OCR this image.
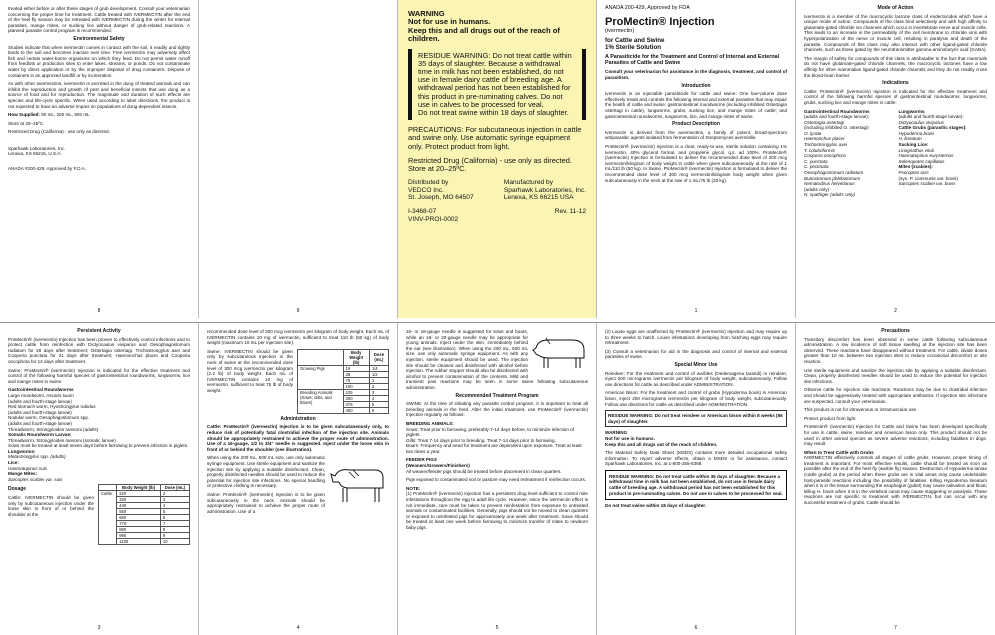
treated either before or after these stages of grub development. Consult your veterinarian concerning the proper time for treatment. Cattle treated with IVERMECTIN after the end of the heel fly season may be retreated with IVERMECTIN during the winter for internal parasites, mange mites, or sucking lice without danger of grub-related reactions. A planned parasite control program is recommended.

Environmental Safety

Studies indicate that when ivermectin comes in contact with the soil, it readily and tightly binds to the soil and becomes inactive over time. Free ivermectin may adversely affect fish and certain water-borne organisms on which they feed. Do not permit water runoff from feedlots or production sites to enter lakes, streams, or ponds. Do not contaminate water by direct application or by the improper disposal of drug containers. Dispose of containers in an approved landfill or by incineration.

As with other avermectins, ivermectin is excreted in the dung of treated animals and can inhibit the reproduction and growth of pest and beneficial insects that use dung as a source of food and for reproduction. The magnitude and duration of such effects are species and life-cycle specific. When used according to label directions, the product is not expected to have an adverse impact on populations of dung-dependent insects.

How Supplied: 50 mL, 200 mL, 500 mL

Store at 20–25ºC.

Restricted Drug (California) - use only as directed.

Sparhawk Laboratories, Inc.

Lenexa, KS 66215, U.S.A.

ANADA #200-429, Approved by F.D.A.

8	9
WARNING
Not for use in humans.
Keep this and all drugs out of the reach of children.
RESIDUE WARNING: Do not treat cattle within 35 days of slaughter. Because a withdrawal time in milk has not been established, do not use in female dairy cattle of breeding age. A withdrawal period has not been established for this product in pre-ruminating calves. Do not use in calves to be processed for veal.
Do not treat swine within 18 days of slaughter.
PRECAUTIONS: For subcutaneous injection in cattle and swine only. Use automatic syringe equipment only. Protect product from light.
Restricted Drug (California) - use only as directed.
Store at 20–25ºC.
Distributed by
VEDCO Inc.
St. Joseph, MO 64507
Manufactured by
Sparhawk Laboratories, Inc.
Lenexa, KS 66215 USA
I-3468-07
VINV-PROI-0002
Rev. 11-12

ANADA 200-429, Approved by FDA

ProMectin® Injection
(ivermectin)
for Cattle and Swine
1% Sterile Solution
A Parasiticide for the Treatment and Control of Internal and External Parasites of Cattle and Swine

Consult your veterinarian for assistance in the diagnosis, treatment, and control of parasitism.

Introduction

Ivermectin is an injectable parasiticide for cattle and swine. One low-volume dose effectively treats and controls the following internal and external parasites that may impair the health of cattle and swine: gastrointestinal roundworms (including inhibited Ostertagia ostertagi in cattle), lungworms, grubs, sucking lice, and mange mites of cattle; and gastrointestinal roundworms, lungworms, lice, and mange mites of swine.

Product Description

Ivermectin is derived from the avermectins, a family of potent, broad-spectrum antiparasitic agents isolated from fermentation of Streptomyces avermitilis.

ProMectin® (ivermectin) Injection is a clear, ready-to-use, sterile solution containing 1% ivermectin, 40% glycerol formal, and propylene glycol, q.s. ad 100%. ProMectin® (ivermectin) Injection is formulated to deliver the recommended dose level of 200 mcg ivermectin/kilogram of body weight in cattle when given subcutaneously at the rate of 1 mL/110 lb (50 kg). In Swine, ProMectin® (ivermectin) Injection is formulated to deliver the recommended dose level of 300 mcg ivermectin/kilogram body weight when given subcutaneously in the neck at the rate of 1 mL/75 lb (33 kg).

1
Mode of Action

Ivermectin is a member of the macrocyclic lactone class of endectocides which have a unique mode of action. Compounds of the class bind selectively and with high affinity to glutamate-gated chloride ion channels which occur in invertebrate nerve and muscle cells. This leads to an increase in the permeability of the cell membrane to chloride ions with hyperpolarization of the nerve or muscle cell, resulting in paralysis and death of the parasite. Compounds of this class may also interact with other ligand-gated chloride channels, such as those gated by the neurotransmitter gamma-aminobutyric acid (GABA).

The margin of safety for compounds of this class is attributable to the fact that mammals do not have glutamate-gated chloride channels, the macrocyclic lactones have a low affinity for other mammalian ligand-gated chloride channels and they do not readily cross the blood-brain barrier.

Indications

Cattle: ProMectin® (ivermectin) Injection is indicated for the effective treatment and control of the following harmful species of gastrointestinal roundworms, lungworms, grubs, sucking lice and mange mites in cattle:

Gastrointestinal Roundworms
(adults and fourth-stage larvae):
Ostertagia ostertagi
(including inhibited O. ostertagi)
O. lyrata
Haemonchus placei
Trichostrongylus axei
T. colubriformis
Cooperia oncophora
C. punctata
C. pectinata
Oesophagostomum radiatum
Bunostomum phlebotomum
Nematodirus helvetianus
(adults only)
N. spathiger (adults only)
Lungworms
(adults and fourth-stage larvae):
Dictyocaulus viviparus
Cattle Grubs (parasitic stages):
Hypoderma bovis
H. lineatum
Sucking Lice:
Linognathus vituli
Haematopinus eurysternus
Solenopotes capillatus
Mites (scabies):
Psoroptes ovis
(syn. P. communis var. bovis)
Sarcoptes scabiei var. bovis
2
Persistent Activity

ProMectin® (ivermectin) Injection has been proven to effectively control infections and to protect cattle from reinfection with Dictyocaulus viviparus and Oesophagostomum radiatum for 28 days after treatment; Ostertagia ostertagi, Trichostrongylus axei and Cooperia punctata for 21 days after treatment; Haemonchus placei and Cooperia oncophora for 14 days after treatment.

Swine: ProMectin® (ivermectin) Injection is indicated for the effective treatment and control of the following harmful species of gastrointestinal roundworms, lungworms, lice and mange mites in swine.

Gastrointestinal Roundworms
Large roundworm, Ascaris suum
(adults and fourth-stage larvae)
Red stomach worm, Hyostrongylus rubidus
(adults and fourth-stage larvae)
Nodular worm, Oesophagostomum spp.
(adults and fourth-stage larvae)
Threadworm, Strongyloides ransomi (adults)
Somatic Roundworm Larvae:
Threadworm, Strongyloides ransomi (somatic larvae)
Sows must be treated at least seven days before farrowing to prevent infection in piglets.
Lungworms:
Metastrongylus spp. (adults)
Lice:
Haematopinus suis
Mange Mites:
Sarcoptes scabiei var. suis
Dosage

Cattle: IVERMECTIN should be given only by subcutaneous injection under the loose skin in front of or behind the shoulder at the

	Body Weight (lb)	Dose (mL)
Cattle	220	2
	330	3
	440	4
	550	5
	660	6
	770	7
	880	8
	990	9
	1100	10
3

recommended dose level of 200 mcg ivermectin per kilogram of body weight. Each mL of IVERMECTIN contains 10 mg of ivermectin, sufficient to treat 110 lb (50 kg) of body weight (maximum 10 mL per injection site).

Swine: IVERMECTIN should be given only by subcutaneous injection in the neck of swine at the recommended dose level of 300 mcg ivermectin per kilogram (2.2 lb) of body weight. Each mL of IVERMECTIN contains 10 mg of ivermectin, sufficient to treat 75 lb of body weight.

	Body Weight (lb)	Dose (mL)
Growing Pigs	19	1/4
	38	1/2
	75	1
	150	2
Breeding Animals (Sows, Gilts, and Boars)	225	3
	300	4
	375	5
	450	6
Administration

Cattle: ProMectin® (ivermectin) Injection is to be given subcutaneously only, to reduce risk of potentially fatal clostridial infection of the injection site. Animals should be appropriately restrained to achieve the proper route of administration. Use of a 16-gauge, 1/2 to 3/4" needle is suggested. Inject under the loose skin in front of or behind the shoulder (see illustration).

When using the 200 mL, 500 mL size, use only automatic syringe equipment. Use sterile equipment and sanitize the injection site by applying a suitable disinfectant. Clean, properly disinfected needles should be used to reduce the potential for injection site infections. No special handling or protective clothing is necessary.

Swine: ProMectin® (ivermectin) Injection is to be given subcutaneously in the neck. Animals should be appropriately restrained to achieve the proper route of administration. Use of a

4

16- or 18-gauge needle is suggested for sows and boars, while an 18- or 20-gauge needle may be appropriate for young animals. Inject under the skin, immediately behind the ear (see illustration). When using the 200 mL, 500 mL size, use only automatic syringe equipment. As with any injection, sterile equipment should be used. The injection site should be cleaned and disinfected with alcohol before injection. The rubber stopper should also be disinfected with alcohol to prevent contamination of the contents. Mild and transient pain reactions may be seen in some swine following subcutaneous administration.

Recommended Treatment Program

SWINE: At the time of initiating any parasite control program, it is important to treat all breeding animals in the herd. After the initial treatment, use ProMectin® (ivermectin) Injection regularly as follows:

BREEDING ANIMALS:
Sows: Treat prior to farrowing, preferably 7-14 days before, to minimize infection of piglets.
Gilts: Treat 7-14 days prior to breeding. Treat 7-14 days prior to farrowing.
Boars: Frequency and need for treatment are dependent upon exposure. Treat at least two times a year.
FEEDER PIGS
(Weaners/Growers/Finishers)

All weaner/feeder pigs should be treated before placement in clean quarters.

Pigs exposed to contaminated soil or pasture may need retreatment if reinfection occurs.

NOTE:

(1) ProMectin® (ivermectin) Injection has a persistent drug level sufficient to control mite infestations throughout the egg to adult life cycle. However, since the ivermectin effect is not immediate, care must be taken to prevent reinfestation from exposure to untreated animals or contaminated facilities. Generally, pigs should not be moved to clean quarters or exposed to uninfested pigs for approximately one week after treatment. Sows should be treated at least one week before farrowing to minimize transfer of mites to newborn baby pigs.

5

(2) Louse eggs are unaffected by ProMectin® (ivermectin) Injection and may require up to three weeks to hatch. Louse infestations developing from hatching eggs may require retreatment.

(3) Consult a veterinarian for aid in the diagnosis and control of internal and external parasites of swine.

Special Minor Use

Reindeer: For the treatment and control of warbles (Oedemagena tarandi) in reindeer, inject 200 micrograms ivermectin per kilogram of body weight, subcutaneously. Follow use directions for cattle as described under ADMINISTRATION.

American Bison: For the treatment and control of grubs (Hypoderma bovis) in American bison, inject 200 micrograms ivermectin per kilogram of body weight, subcutaneously. Follow use directions for cattle as described under ADMINISTRATION.

RESIDUE WARNING: Do not treat reindeer or American bison within 8 weeks (56 days) of slaughter.
WARNING
Not for use in humans.
Keep this and all drugs out of the reach of children.

The Material Safety Data Sheet (MSDS) contains more detailed occupational safety information. To report adverse effects, obtain a MSDS or for assistance, contact Sparhawk Laboratories, Inc. at 1-800-255-6368.

RESIDUE WARNING: Do not treat cattle within 35 days of slaughter. Because a withdrawal time in milk has not been established, do not use in female dairy cattle of breeding age. A withdrawal period has not been established for this product in pre-ruminating calves. Do not use in calves to be processed for veal.

Do not treat swine within 18 days of slaughter.

6
Precautions

Transitory discomfort has been observed in some cattle following subcutaneous administration. A low incidence of soft tissue swelling at the injection site has been observed. These reactions have disappeared without treatment. For cattle, divide doses greater than 10 mL between two injection sites to reduce occasional discomfort or site reaction.

Use sterile equipment and sanitize the injection site by applying a suitable disinfectant. Clean, properly disinfected needles should be used to reduce the potential for injection site infections.

Observe cattle for injection site reactions. Reactions may be due to clostridial infection and should be aggressively treated with appropriate antibiotics. If injection site infections are suspected, consult your veterinarian.

This product is not for intravenous or intramuscular use.

Protect product from light.

ProMectin® (ivermectin) Injection for Cattle and Swine has been developed specifically for use in cattle, swine, reindeer and American bison only. This product should not be used in other animal species as severe adverse reactions, including fatalities in dogs, may result.

When to Treat Cattle with Grubs

IVERMECTIN effectively controls all stages of cattle grubs. However, proper timing of treatment is important. For most effective results, cattle should be treated as soon as possible after the end of the heel fly (warble fly) season. Destruction of Hypoderma larvae (cattle grubs) at the period when these grubs are in vital areas may cause undesirable host-parasite reactions including the possibility of fatalities. Killing Hypoderma lineatum when it is in the tissue surrounding the esophagus (gullet) may cause salivation and bloat; killing H. bovis when it is in the vertebral canal may cause staggering or paralysis. These reactions are not specific to treatment with IVERMECTIN, but can occur with any successful treatment of grubs. Cattle should be

7
